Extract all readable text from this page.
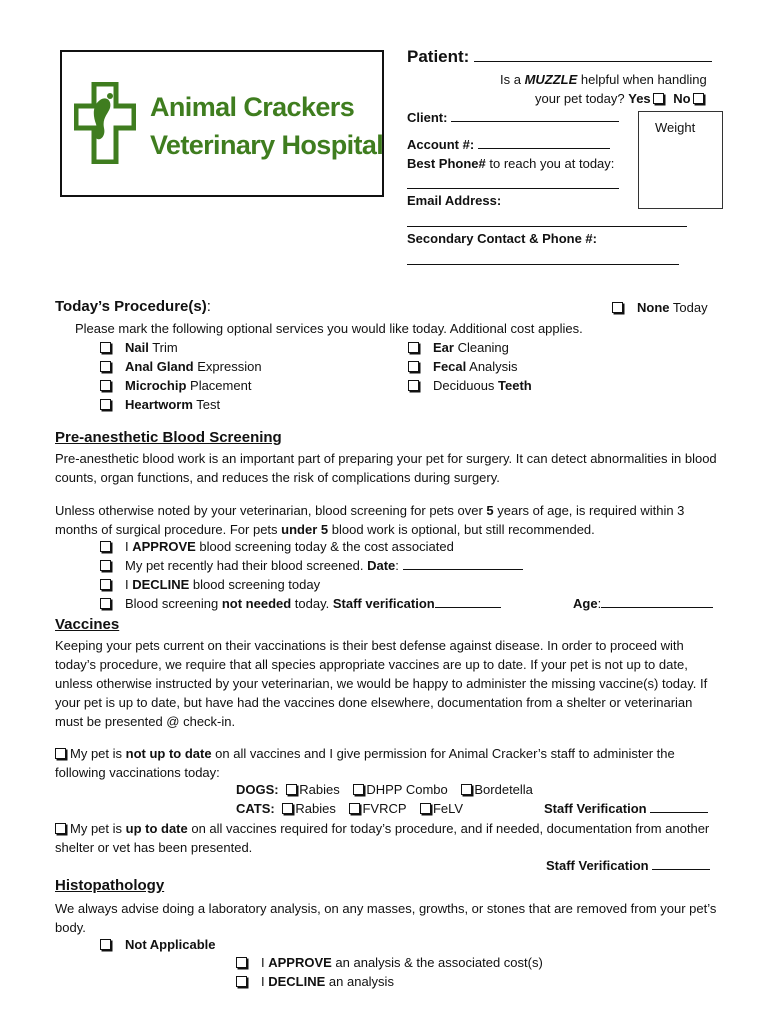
Animal Crackers
Veterinary Hospital
Patient:
Is a MUZZLE helpful when handling
your pet today? Yes No
Client:
Weight
Account #:
Best Phone# to reach you at today:
Email Address:
Secondary Contact & Phone #:
Today’s Procedure(s):	None Today
Please mark the following optional services you would like today. Additional cost applies.
Nail Trim
Anal Gland Expression
Microchip Placement
Heartworm Test
Ear Cleaning
Fecal Analysis
Deciduous Teeth
Pre-anesthetic Blood Screening
Pre-anesthetic blood work is an important part of preparing your pet for surgery. It can detect abnormalities in blood counts, organ functions, and reduces the risk of complications during surgery.
Unless otherwise noted by your veterinarian, blood screening for pets over 5 years of age, is required within 3 months of surgical procedure. For pets under 5 blood work is optional, but still recommended.
I APPROVE blood screening today & the cost associated
My pet recently had their blood screened. Date:
I DECLINE blood screening today
Blood screening not needed today. Staff verification	Age:
Vaccines
Keeping your pets current on their vaccinations is their best defense against disease. In order to proceed with today’s procedure, we require that all species appropriate vaccines are up to date. If your pet is not up to date, unless otherwise instructed by your veterinarian, we would be happy to administer the missing vaccine(s) today. If your pet is up to date, but have had the vaccines done elsewhere, documentation from a shelter or veterinarian must be presented @ check-in.
My pet is not up to date on all vaccines and I give permission for Animal Cracker’s staff to administer the following vaccinations today:
DOGS: Rabies DHPP Combo Bordetella
CATS: Rabies FVRCP FeLV	Staff Verification
My pet is up to date on all vaccines required for today’s procedure, and if needed, documentation from another shelter or vet has been presented.
Staff Verification
Histopathology
We always advise doing a laboratory analysis, on any masses, growths, or stones that are removed from your pet’s body.
Not Applicable
I APPROVE an analysis & the associated cost(s)
I DECLINE an analysis
